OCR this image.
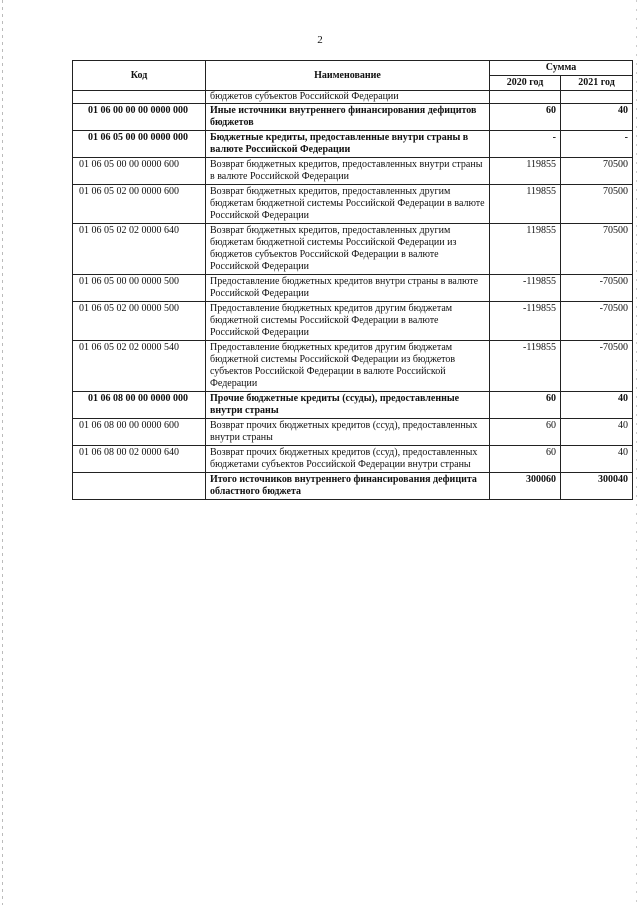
2
Код	Наименование	Сумма	
		2020 год	2021 год
	бюджетов субъектов Российской Федерации		
01 06 00 00 00 0000 000	Иные источники внутреннего финансирования дефицитов бюджетов	60	40
01 06 05 00 00 0000 000	Бюджетные кредиты, предоставленные внутри страны в валюте Российской Федерации	-	-
01 06 05 00 00 0000 600	Возврат бюджетных кредитов, предоставленных внутри страны в валюте Российской Федерации	119855	70500
01 06 05 02 00 0000 600	Возврат бюджетных кредитов, предоставленных другим бюджетам бюджетной системы Российской Федерации в валюте Российской Федерации	119855	70500
01 06 05 02 02 0000 640	Возврат бюджетных кредитов, предоставленных другим бюджетам бюджетной системы Российской Федерации из бюджетов субъектов Российской Федерации в валюте Российской Федерации	119855	70500
01 06 05 00 00 0000 500	Предоставление бюджетных кредитов внутри страны в валюте Российской Федерации	-119855	-70500
01 06 05 02 00 0000 500	Предоставление бюджетных кредитов другим бюджетам бюджетной системы Российской Федерации в валюте Российской Федерации	-119855	-70500
01 06 05 02 02 0000 540	Предоставление бюджетных кредитов другим бюджетам бюджетной системы Российской Федерации из бюджетов субъектов Российской Федерации в валюте Российской Федерации	-119855	-70500
01 06 08 00 00 0000 000	Прочие бюджетные кредиты (ссуды), предоставленные внутри страны	60	40
01 06 08 00 00 0000 600	Возврат прочих бюджетных кредитов (ссуд), предоставленных внутри страны	60	40
01 06 08 00 02 0000 640	Возврат прочих бюджетных кредитов (ссуд), предоставленных бюджетами субъектов Российской Федерации внутри страны	60	40
	Итого источников внутреннего финансирования дефицита областного бюджета	300060	300040
